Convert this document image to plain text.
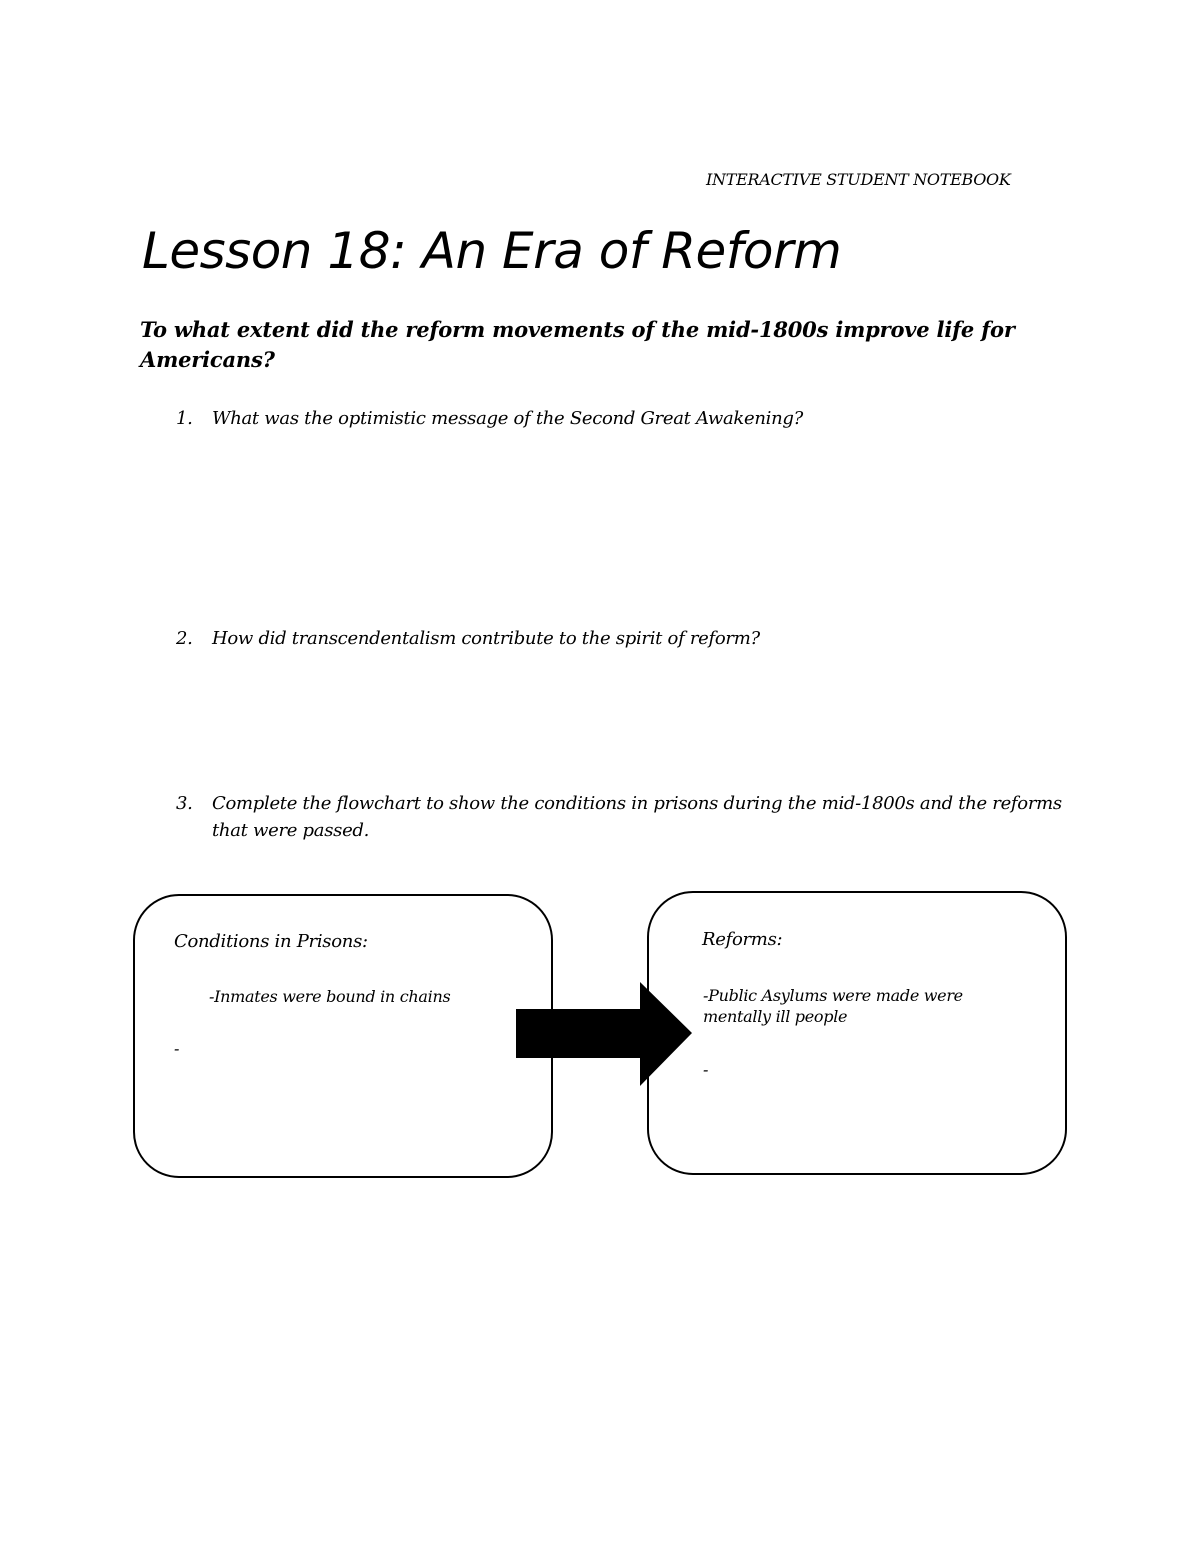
INTERACTIVE STUDENT NOTEBOOK
Lesson 18: An Era of Reform
To what extent did the reform movements of the mid-1800s improve life for Americans?
1. What was the optimistic message of the Second Great Awakening?
2. How did transcendentalism contribute to the spirit of reform?
3. Complete the flowchart to show the conditions in prisons during the mid-1800s and the reforms that were passed.
Conditions in Prisons:
-Inmates were bound in chains
-
Reforms:
-Public Asylums were made were mentally ill people
-
